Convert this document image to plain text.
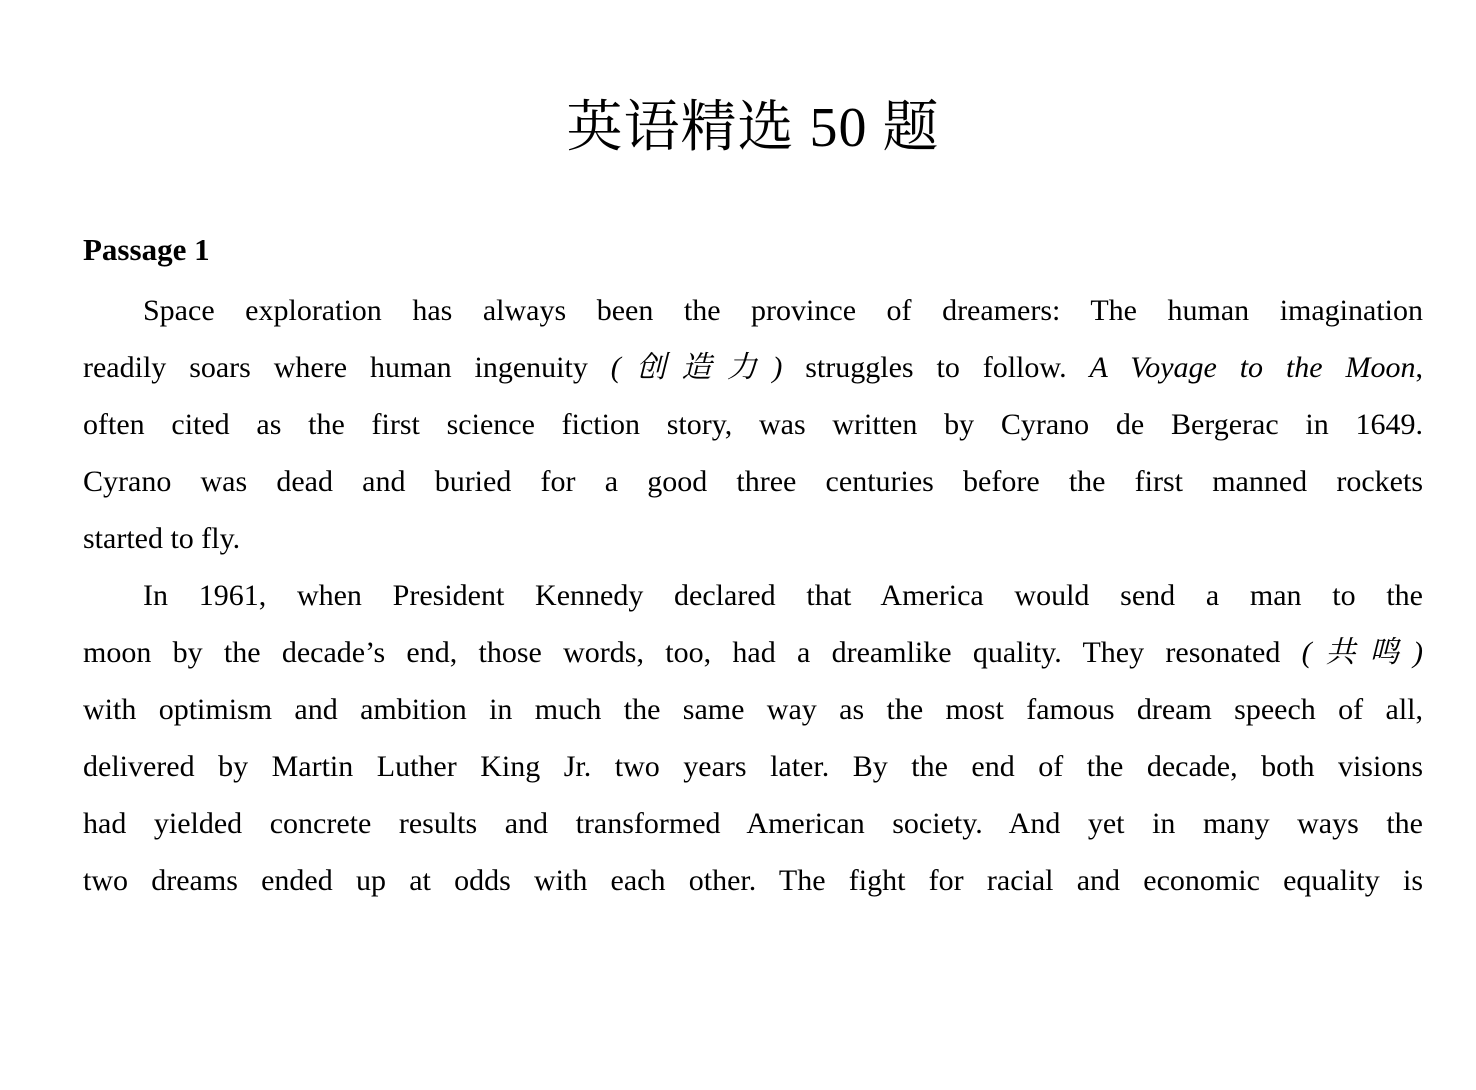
英语精选 50 题
Passage 1
Space exploration has always been the province of dreamers: The human imagination
readily soars where human ingenuity (创造力) struggles to follow. A Voyage to the Moon,
often cited as the first science fiction story, was written by Cyrano de Bergerac in 1649.
Cyrano was dead and buried for a good three centuries before the first manned rockets
started to fly.
In 1961, when President Kennedy declared that America would send a man to the
moon by the decade’s end, those words, too, had a dreamlike quality. They resonated (共鸣)
with optimism and ambition in much the same way as the most famous dream speech of all,
delivered by Martin Luther King Jr. two years later. By the end of the decade, both visions
had yielded concrete results and transformed American society. And yet in many ways the
two dreams ended up at odds with each other. The fight for racial and economic equality is
